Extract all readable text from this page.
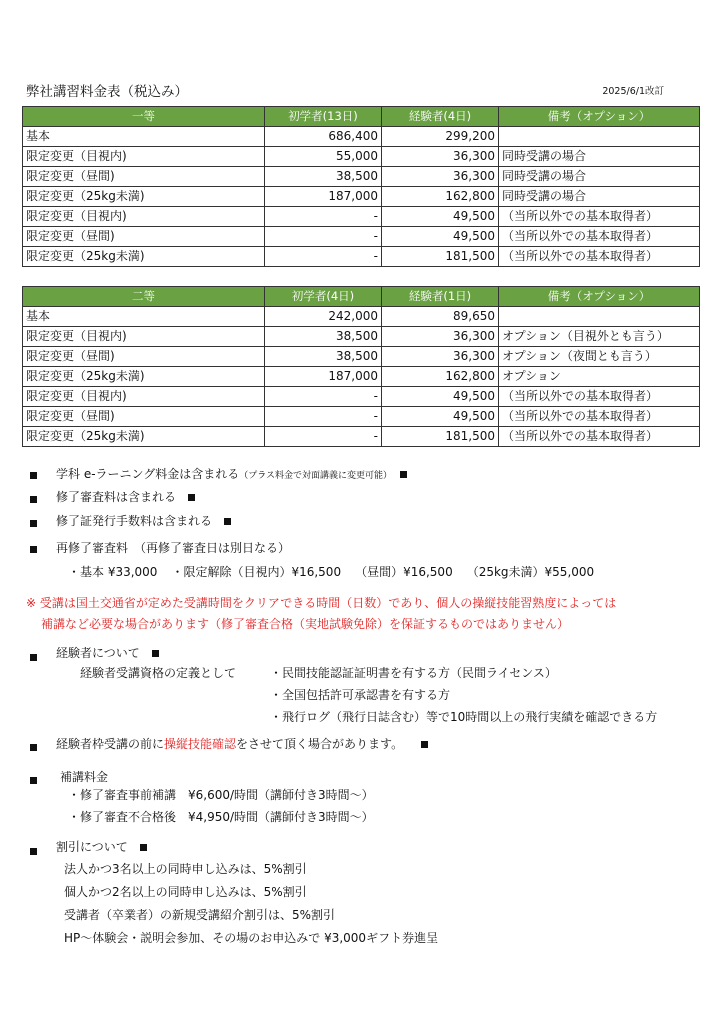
弊社講習料金表（税込み）	2025/6/1改訂
一等	初学者(13日)	経験者(4日)	備考（オプション）
基本	686,400	299,200	
限定変更（目視内)	55,000	36,300	同時受講の場合
限定変更（昼間)	38,500	36,300	同時受講の場合
限定変更（25kg未満)	187,000	162,800	同時受講の場合
限定変更（目視内)	-	49,500	（当所以外での基本取得者）
限定変更（昼間)	-	49,500	（当所以外での基本取得者）
限定変更（25kg未満)	-	181,500	（当所以外での基本取得者）
二等	初学者(4日)	経験者(1日)	備考（オプション）
基本	242,000	89,650	
限定変更（目視内)	38,500	36,300	オプション（目視外とも言う）
限定変更（昼間)	38,500	36,300	オプション（夜間とも言う）
限定変更（25kg未満)	187,000	162,800	オプション
限定変更（目視内)	-	49,500	（当所以外での基本取得者）
限定変更（昼間)	-	49,500	（当所以外での基本取得者）
限定変更（25kg未満)	-	181,500	（当所以外での基本取得者）
学科 e-ラーニング料金は含まれる（プラス料金で対面講義に変更可能）　
修了審査料は含まれる　
修了証発行手数料は含まれる　
再修了審査料　（再修了審査日は別日なる）
・基本 ¥33,000 ・限定解除（目視内）¥16,500 （昼間）¥16,500 （25kg未満）¥55,000
※ 受講は国土交通省が定めた受講時間をクリアできる時間（日数）であり、個人の操縦技能習熟度によっては
補講など必要な場合があります（修了審査合格（実地試験免除）を保証するものではありません）
経験者について　
経験者受講資格の定義として	・民間技能認証証明書を有する方（民間ライセンス）
・全国包括許可承認書を有する方
・飛行ログ（飛行日誌含む）等で10時間以上の飛行実績を確認できる方
経験者枠受講の前に操縦技能確認をさせて頂く場合があります。　　
補講料金
・修了審査事前補講　¥6,600/時間（講師付き3時間〜）
・修了審査不合格後　¥4,950/時間（講師付き3時間〜）
割引について　
法人かつ3名以上の同時申し込みは、5%割引
個人かつ2名以上の同時申し込みは、5%割引
受講者（卒業者）の新規受講紹介割引は、5%割引
HP〜体験会・説明会参加、その場のお申込みで ¥3,000ギフト券進呈
